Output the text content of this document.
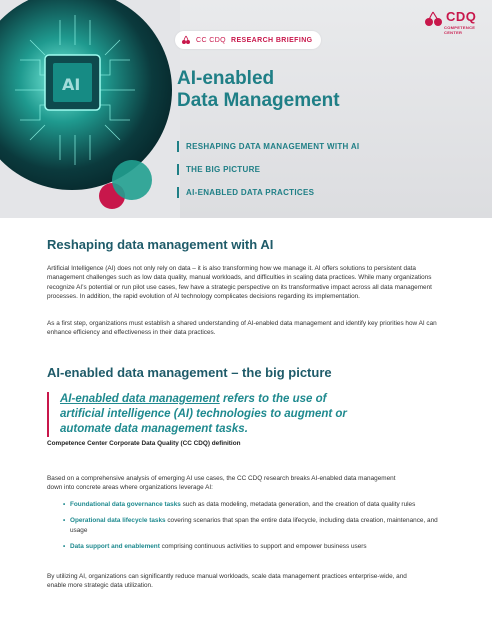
AI
CDQ
COMPETENCE CENTER
CC CDQ RESEARCH BRIEFING
AI-enabled
Data Management
RESHAPING DATA MANAGEMENT WITH AI
THE BIG PICTURE
AI-ENABLED DATA PRACTICES
Reshaping data management with AI

Artificial Intelligence (AI) does not only rely on data – it is also transforming how we manage it. AI offers solutions to persistent data management challenges such as low data quality, manual workloads, and difficulties in scaling data practices. While many organizations recognize AI’s potential or run pilot use cases, few have a strategic perspective on its transformative impact across all data management processes. In addition, the rapid evolution of AI technology complicates decisions regarding its implementation.

As a first step, organizations must establish a shared understanding of AI-enabled data management and identify key priorities how AI can enhance efficiency and effectiveness in their data practices.

AI-enabled data management – the big picture

AI-enabled data management refers to the use of artificial intelligence (AI) technologies to augment or automate data management tasks.

Competence Center Corporate Data Quality (CC CDQ) definition

Based on a comprehensive analysis of emerging AI use cases, the CC CDQ research breaks AI-enabled data management down into concrete areas where organizations leverage AI:

• Foundational data governance tasks such as data modeling, metadata generation, and the creation of data quality rules
• Operational data lifecycle tasks covering scenarios that span the entire data lifecycle, including data creation, maintenance, and usage
• Data support and enablement comprising continuous activities to support and empower business users

By utilizing AI, organizations can significantly reduce manual workloads, scale data management practices enterprise-wide, and enable more strategic data utilization.
